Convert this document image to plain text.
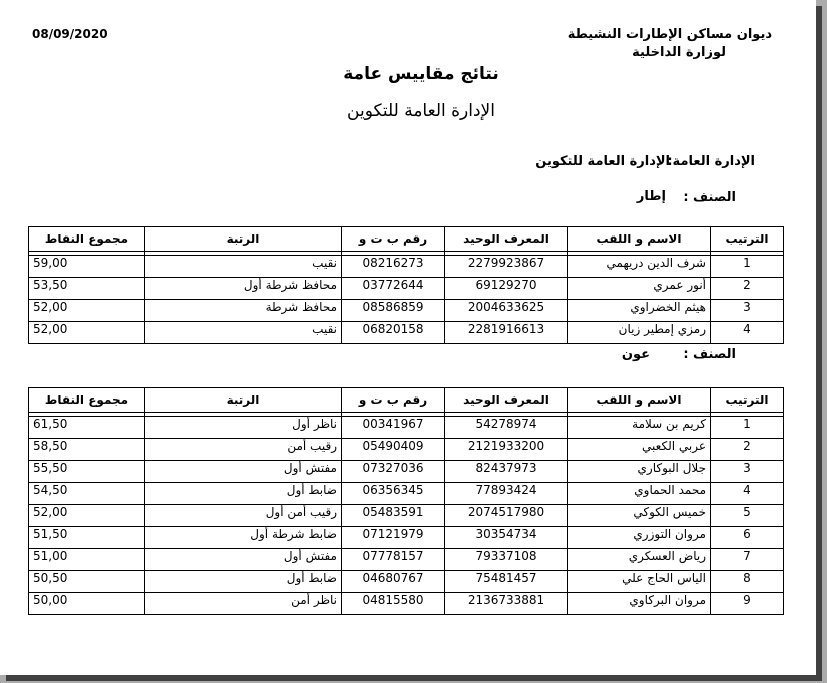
08/09/2020	ديوان مساكن الإطارات النشيطة
لوزارة الداخلية
نتائج مقاييس عامة
الإدارة العامة للتكوين
الإدارة العامة:
الإدارة العامة للتكوين
الصنف :
إطار
الترتيب	الاسم و اللقب	المعرف الوحيد	رقم ب ت و	الرتبة	مجموع النقاط

1	شرف الدين دريهمي	2279923867	08216273	نقيب	59,00
2	أنور عمري	69129270	03772644	محافظ شرطة أول	53,50
3	هيثم الخضراوي	2004633625	08586859	محافظ شرطة	52,00
4	رمزي إمطير زيان	2281916613	06820158	نقيب	52,00
الصنف :
عون
الترتيب	الاسم و اللقب	المعرف الوحيد	رقم ب ت و	الرتبة	مجموع النقاط

1	كريم بن سلامة	54278974	00341967	ناظر أول	61,50
2	عربي الكعبي	2121933200	05490409	رقيب أمن	58,50
3	جلال البوكاري	82437973	07327036	مفتش أول	55,50
4	محمد الحماوي	77893424	06356345	ضابط أول	54,50
5	خميس الكوكي	2074517980	05483591	رقيب أمن أول	52,00
6	مروان التوزري	30354734	07121979	ضابط شرطة أول	51,50
7	رياض العسكري	79337108	07778157	مفتش أول	51,00
8	الياس الحاج علي	75481457	04680767	ضابط أول	50,50
9	مروان البركاوي	2136733881	04815580	ناظر أمن	50,00
